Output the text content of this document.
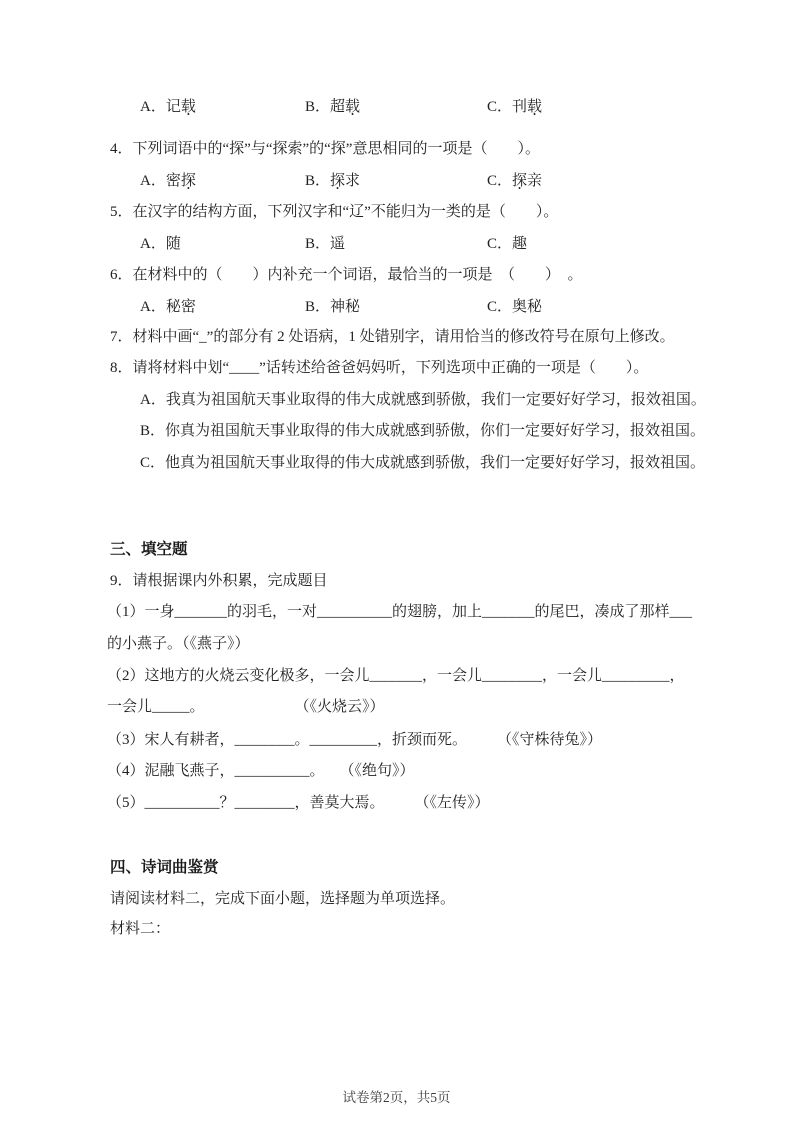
A．记载	B．超载	C．刊载
4．下列词语中的“探”与“探索”的“探”意思相同的一项是（　　）。
A．密探	B．探求	C．探亲
5．在汉字的结构方面，下列汉字和“辽”不能归为一类的是（　　）。
A．随	B．遥	C．趣
6．在材料中的（　　）内补充一个词语，最恰当的一项是　（　　）　。
A．秘密	B．神秘	C．奥秘
7．材料中画“_”的部分有 2 处语病，1 处错别字，请用恰当的修改符号在原句上修改。
8．请将材料中划“____”话转述给爸爸妈妈听，下列选项中正确的一项是（　　）。
A．我真为祖国航天事业取得的伟大成就感到骄傲，我们一定要好好学习，报效祖国。
B．你真为祖国航天事业取得的伟大成就感到骄傲，你们一定要好好学习，报效祖国。
C．他真为祖国航天事业取得的伟大成就感到骄傲，我们一定要好好学习，报效祖国。
三、填空题
9．请根据课内外积累，完成题目
（1）一身_______的羽毛，一对__________的翅膀，加上_______的尾巴，凑成了那样___
的小燕子。（《燕子》）
（2）这地方的火烧云变化极多，一会儿_______，一会儿________，一会儿_________，
一会儿_____。　　　　　　　（《火烧云》）
（3）宋人有耕者，________。_________，折颈而死。　　　（《守株待兔》）
（4）泥融飞燕子，__________。　　（《绝句》）
（5）__________？________，善莫大焉。　　　（《左传》）
四、诗词曲鉴赏
请阅读材料二，完成下面小题，选择题为单项选择。
材料二：
试卷第2页，共5页
